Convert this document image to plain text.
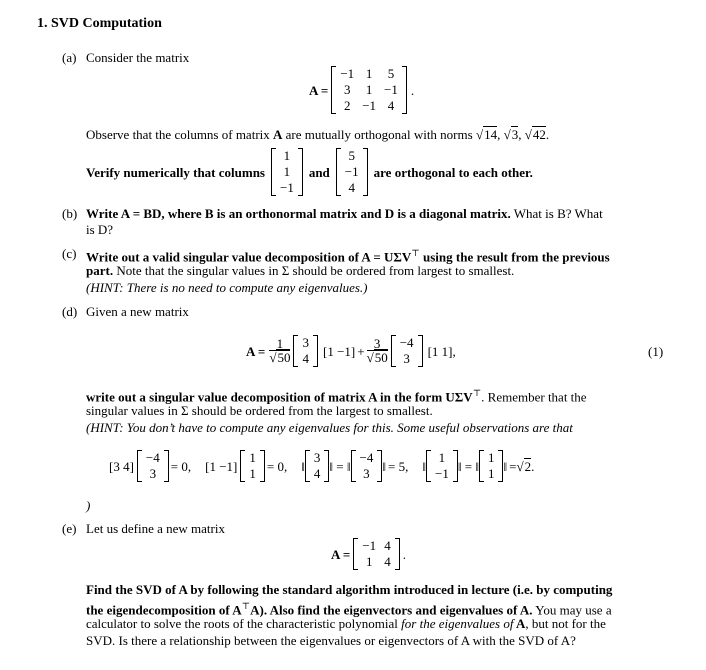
1. SVD Computation
(a) Consider the matrix
A =
−1	1	5
3	1	−1
2	−1	4
.
Observe that the columns of matrix A are mutually orthogonal with norms √14, √3, √42.
Verify numerically that columns
1
1
−1
and
5
−1
4
are orthogonal to each other.
(b) Write A = BD, where B is an orthonormal matrix and D is a diagonal matrix. What is B? What
is D?
(c) Write out a valid singular value decomposition of A = UΣV⊤ using the result from the previous
part. Note that the singular values in Σ should be ordered from largest to smallest.
(HINT: There is no need to compute any eigenvalues.)
(d) Given a new matrix
$A = \frac{1}{√50} 3$
4 $[1 -1] + \frac{3}{√50} -4$
3 [1 1] ,	(1)
write out a singular value decomposition of matrix A in the form UΣV⊤. Remember that the
singular values in Σ should be ordered from the largest to smallest.
(HINT: You don’t have to compute any eigenvalues for this. Some useful observations are that
[3 4]
−4
3 = 0, [1 −1]
1
1 = 0, ‖
3
4 ‖ = ‖
−4
3 ‖ = 5, ‖
1
−1 ‖ = ‖
1
1 ‖ = √ 2 .
)
(e) Let us define a new matrix
A =
−1	4
1	4 .
Find the SVD of A by following the standard algorithm introduced in lecture (i.e. by computing
the eigendecomposition of A⊤A). Also find the eigenvectors and eigenvalues of A. You may use a
calculator to solve the roots of the characteristic polynomial for the eigenvalues of A, but not for the
SVD. Is there a relationship between the eigenvalues or eigenvectors of A with the SVD of A?
